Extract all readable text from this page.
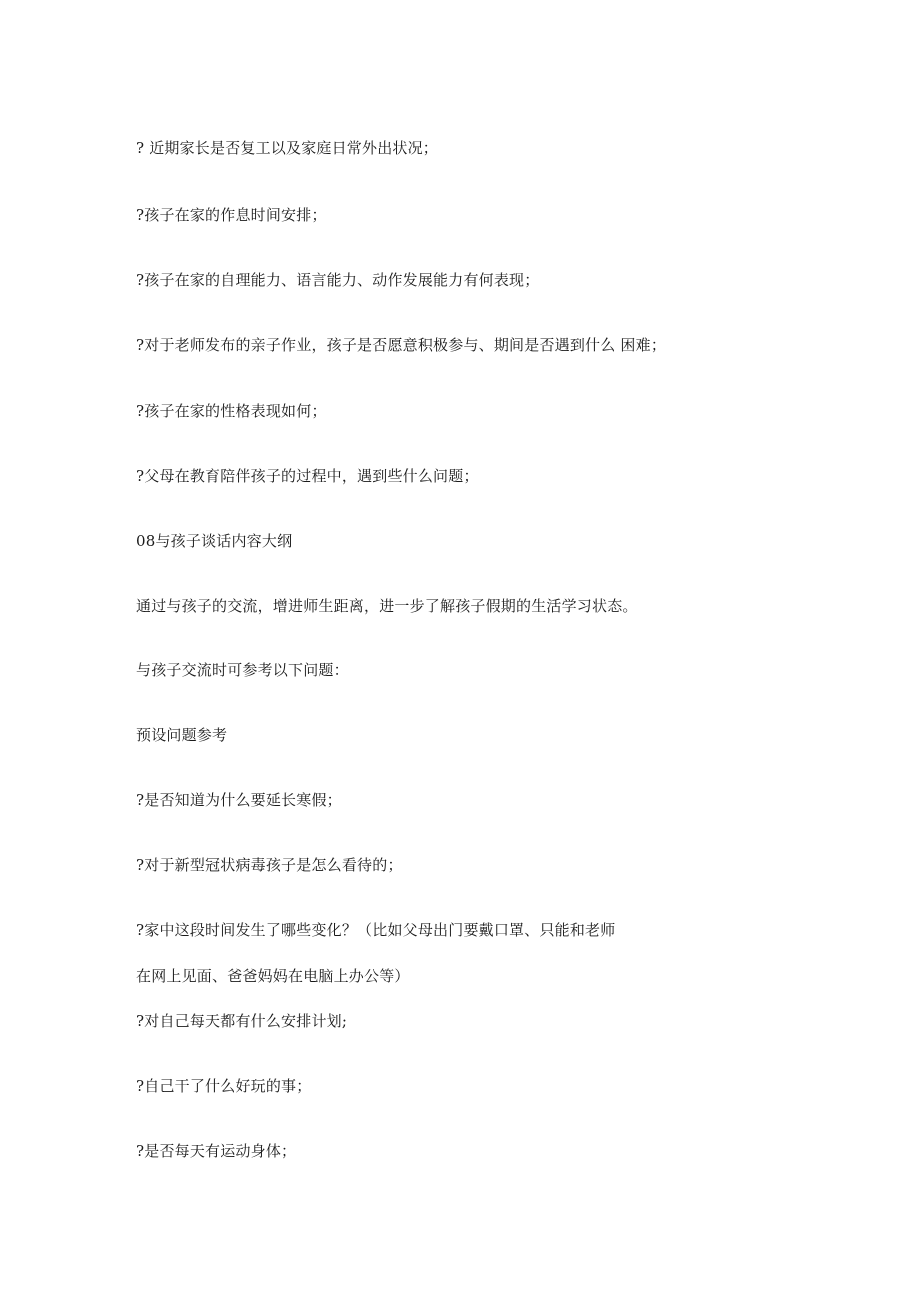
? 近期家长是否复工以及家庭日常外出状况；
?孩子在家的作息时间安排；
?孩子在家的自理能力、语言能力、动作发展能力有何表现；
?对于老师发布的亲子作业，孩子是否愿意积极参与、期间是否遇到什么 困难；
?孩子在家的性格表现如何；
?父母在教育陪伴孩子的过程中，遇到些什么问题；
08与孩子谈话内容大纲
通过与孩子的交流，增进师生距离，进一步了解孩子假期的生活学习状态。
与孩子交流时可参考以下问题：
预设问题参考
?是否知道为什么要延长寒假；
?对于新型冠状病毒孩子是怎么看待的；
?家中这段时间发生了哪些变化？（比如父母出门要戴口罩、只能和老师
在网上见面、爸爸妈妈在电脑上办公等）
?对自己每天都有什么安排计划;
?自己干了什么好玩的事；
?是否每天有运动身体；
